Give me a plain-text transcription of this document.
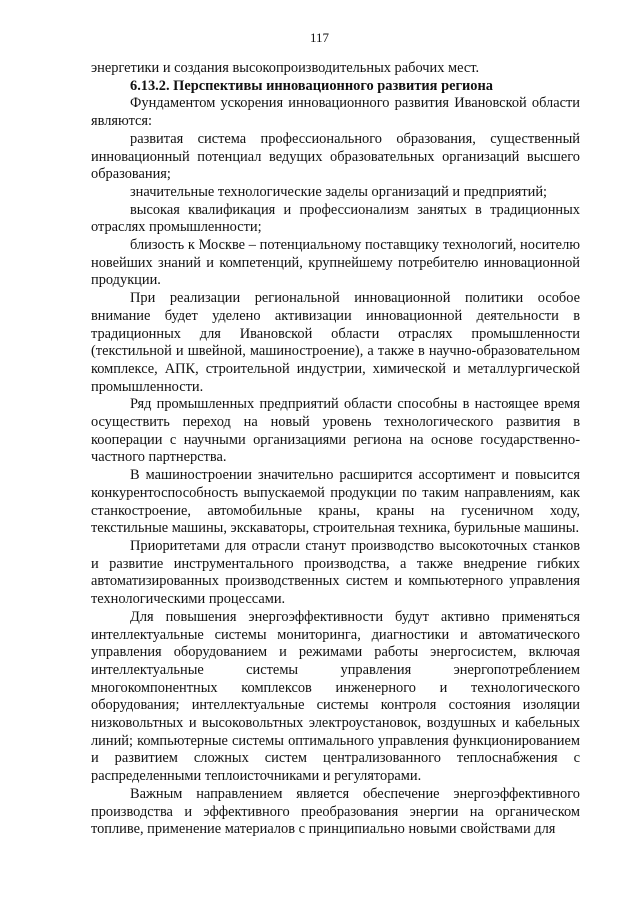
117

энергетики и создания высокопроизводительных рабочих мест.

6.13.2. Перспективы инновационного развития региона

Фундаментом ускорения инновационного развития Ивановской области являются:

развитая система профессионального образования, существенный инновационный потенциал ведущих образовательных организаций высшего образования;

значительные технологические заделы организаций и предприятий;

высокая квалификация и профессионализм занятых в традиционных отраслях промышленности;

близость к Москве – потенциальному поставщику технологий, носителю новейших знаний и компетенций, крупнейшему потребителю инновационной продукции.

При реализации региональной инновационной политики особое внимание будет уделено активизации инновационной деятельности в традиционных для Ивановской области отраслях промышленности (текстильной и швейной, машиностроение), а также в научно-образовательном комплексе, АПК, строительной индустрии, химической и металлургической промышленности.

Ряд промышленных предприятий области способны в настоящее время осуществить переход на новый уровень технологического развития в кооперации с научными организациями региона на основе государственно-частного партнерства.

В машиностроении значительно расширится ассортимент и повысится конкурентоспособность выпускаемой продукции по таким направлениям, как станкостроение, автомобильные краны, краны на гусеничном ходу, текстильные машины, экскаваторы, строительная техника, бурильные машины.

Приоритетами для отрасли станут производство высокоточных станков и развитие инструментального производства, а также внедрение гибких автоматизированных производственных систем и компьютерного управления технологическими процессами.

Для повышения энергоэффективности будут активно применяться интеллектуальные системы мониторинга, диагностики и автоматического управления оборудованием и режимами работы энергосистем, включая интеллектуальные системы управления энергопотреблением многокомпонентных комплексов инженерного и технологического оборудования; интеллектуальные системы контроля состояния изоляции низковольтных и высоковольтных электроустановок, воздушных и кабельных линий; компьютерные системы оптимального управления функционированием и развитием сложных систем централизованного теплоснабжения с распределенными теплоисточниками и регуляторами.

Важным направлением является обеспечение энергоэффективного производства и эффективного преобразования энергии на органическом топливе, применение материалов с принципиально новыми свойствами для
